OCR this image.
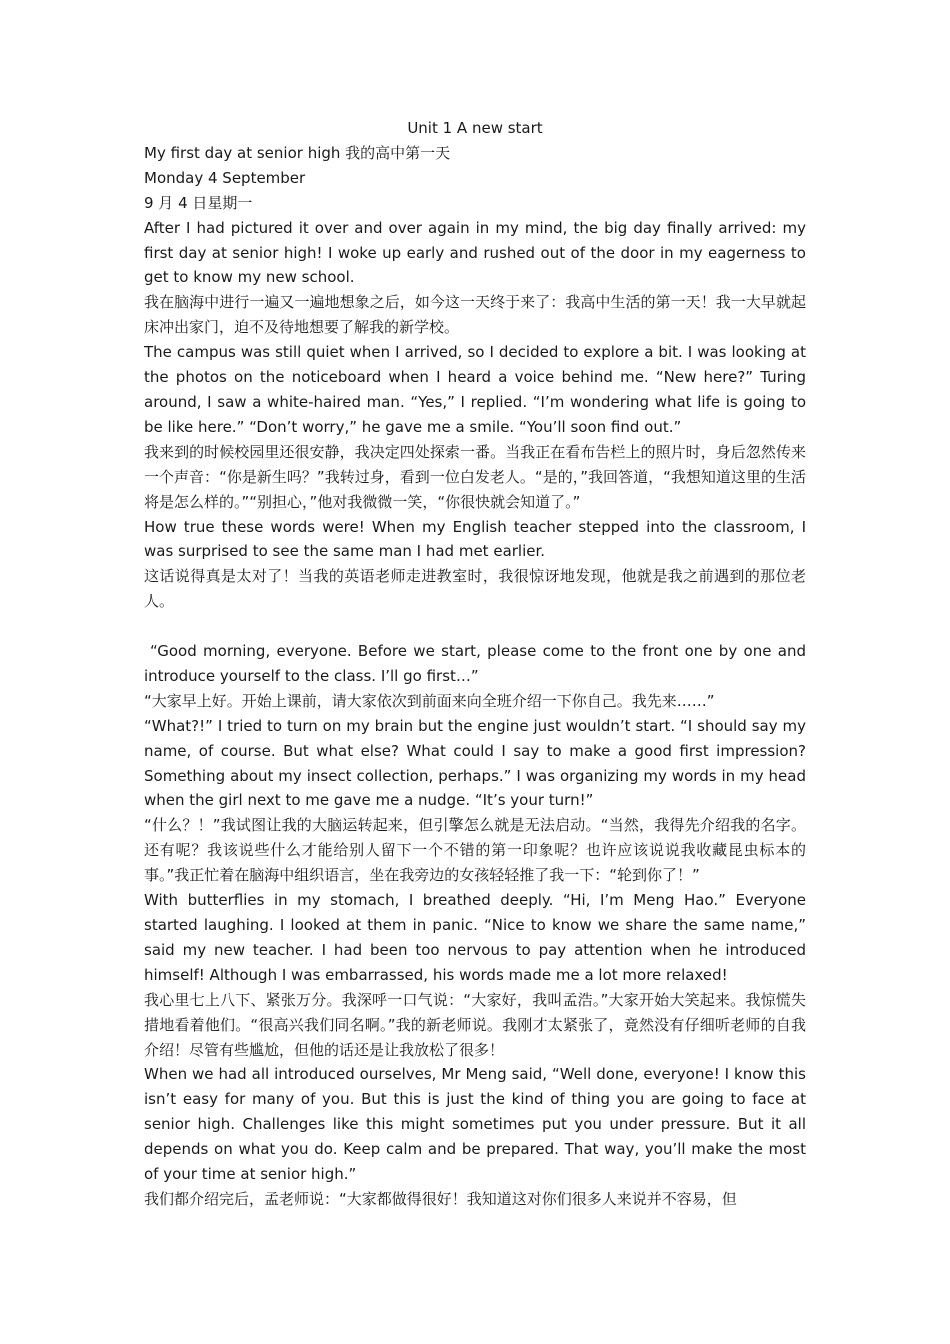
Unit 1 A new start

My first day at senior high 我的高中第一天

Monday 4 September

9 月 4 日星期一

After I had pictured it over and over again in my mind, the big day finally arrived: my first day at senior high! I woke up early and rushed out of the door in my eagerness to get to know my new school.

我在脑海中进行一遍又一遍地想象之后，如今这一天终于来了：我高中生活的第一天！我一大早就起床冲出家门，迫不及待地想要了解我的新学校。

The campus was still quiet when I arrived, so I decided to explore a bit. I was looking at the photos on the noticeboard when I heard a voice behind me. “New here?” Turing around, I saw a white-haired man. “Yes,” I replied. “I’m wondering what life is going to be like here.” “Don’t worry,” he gave me a smile. “You’ll soon find out.”

我来到的时候校园里还很安静，我决定四处探索一番。当我正在看布告栏上的照片时，身后忽然传来一个声音：“你是新生吗？”我转过身，看到一位白发老人。“是的，”我回答道，“我想知道这里的生活将是怎么样的。”“别担心，”他对我微微一笑，“你很快就会知道了。”

How true these words were! When my English teacher stepped into the classroom, I was surprised to see the same man I had met earlier.

这话说得真是太对了！当我的英语老师走进教室时，我很惊讶地发现，他就是我之前遇到的那位老人。

“Good morning, everyone. Before we start, please come to the front one by one and introduce yourself to the class. I’ll go first…”

“大家早上好。开始上课前，请大家依次到前面来向全班介绍一下你自己。我先来……”

“What?!” I tried to turn on my brain but the engine just wouldn’t start. “I should say my name, of course. But what else? What could I say to make a good first impression? Something about my insect collection, perhaps.” I was organizing my words in my head when the girl next to me gave me a nudge. “It’s your turn!”

“什么？！”我试图让我的大脑运转起来，但引擎怎么就是无法启动。“当然，我得先介绍我的名字。还有呢？我该说些什么才能给别人留下一个不错的第一印象呢？也许应该说说我收藏昆虫标本的事。”我正忙着在脑海中组织语言，坐在我旁边的女孩轻轻推了我一下：“轮到你了！”

With butterflies in my stomach, I breathed deeply. “Hi, I’m Meng Hao.” Everyone started laughing. I looked at them in panic. “Nice to know we share the same name,” said my new teacher. I had been too nervous to pay attention when he introduced himself! Although I was embarrassed, his words made me a lot more relaxed!

我心里七上八下、紧张万分。我深呼一口气说：“大家好，我叫孟浩。”大家开始大笑起来。我惊慌失措地看着他们。“很高兴我们同名啊。”我的新老师说。我刚才太紧张了，竟然没有仔细听老师的自我介绍！尽管有些尴尬，但他的话还是让我放松了很多！

When we had all introduced ourselves, Mr Meng said, “Well done, everyone! I know this isn’t easy for many of you. But this is just the kind of thing you are going to face at senior high. Challenges like this might sometimes put you under pressure. But it all depends on what you do. Keep calm and be prepared. That way, you’ll make the most of your time at senior high.”

我们都介绍完后，孟老师说：“大家都做得很好！我知道这对你们很多人来说并不容易，但
